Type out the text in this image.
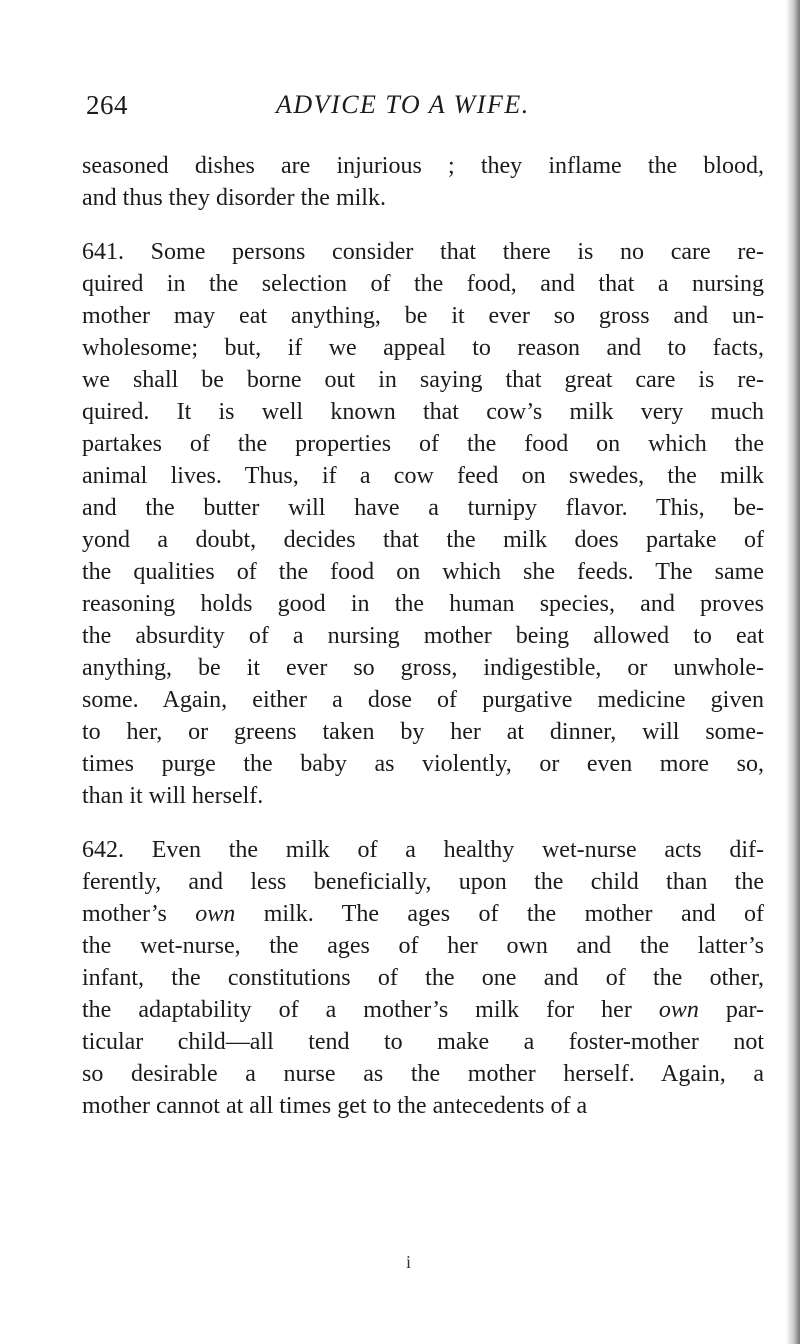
264	ADVICE TO A WIFE.
seasoned dishes are injurious ; they inflame the blood,
and thus they disorder the milk.
641. Some persons consider that there is no care re-
quired in the selection of the food, and that a nursing
mother may eat anything, be it ever so gross and un-
wholesome; but, if we appeal to reason and to facts,
we shall be borne out in saying that great care is re-
quired. It is well known that cow’s milk very much
partakes of the properties of the food on which the
animal lives. Thus, if a cow feed on swedes, the milk
and the butter will have a turnipy flavor. This, be-
yond a doubt, decides that the milk does partake of
the qualities of the food on which she feeds. The same
reasoning holds good in the human species, and proves
the absurdity of a nursing mother being allowed to eat
anything, be it ever so gross, indigestible, or unwhole-
some. Again, either a dose of purgative medicine given
to her, or greens taken by her at dinner, will some-
times purge the baby as violently, or even more so,
than it will herself.
642. Even the milk of a healthy wet-nurse acts dif-
ferently, and less beneficially, upon the child than the
mother’s own milk. The ages of the mother and of
the wet-nurse, the ages of her own and the latter’s
infant, the constitutions of the one and of the other,
the adaptability of a mother’s milk for her own par-
ticular child—all tend to make a foster-mother not
so desirable a nurse as the mother herself. Again, a
mother cannot at all times get to the antecedents of a
i
